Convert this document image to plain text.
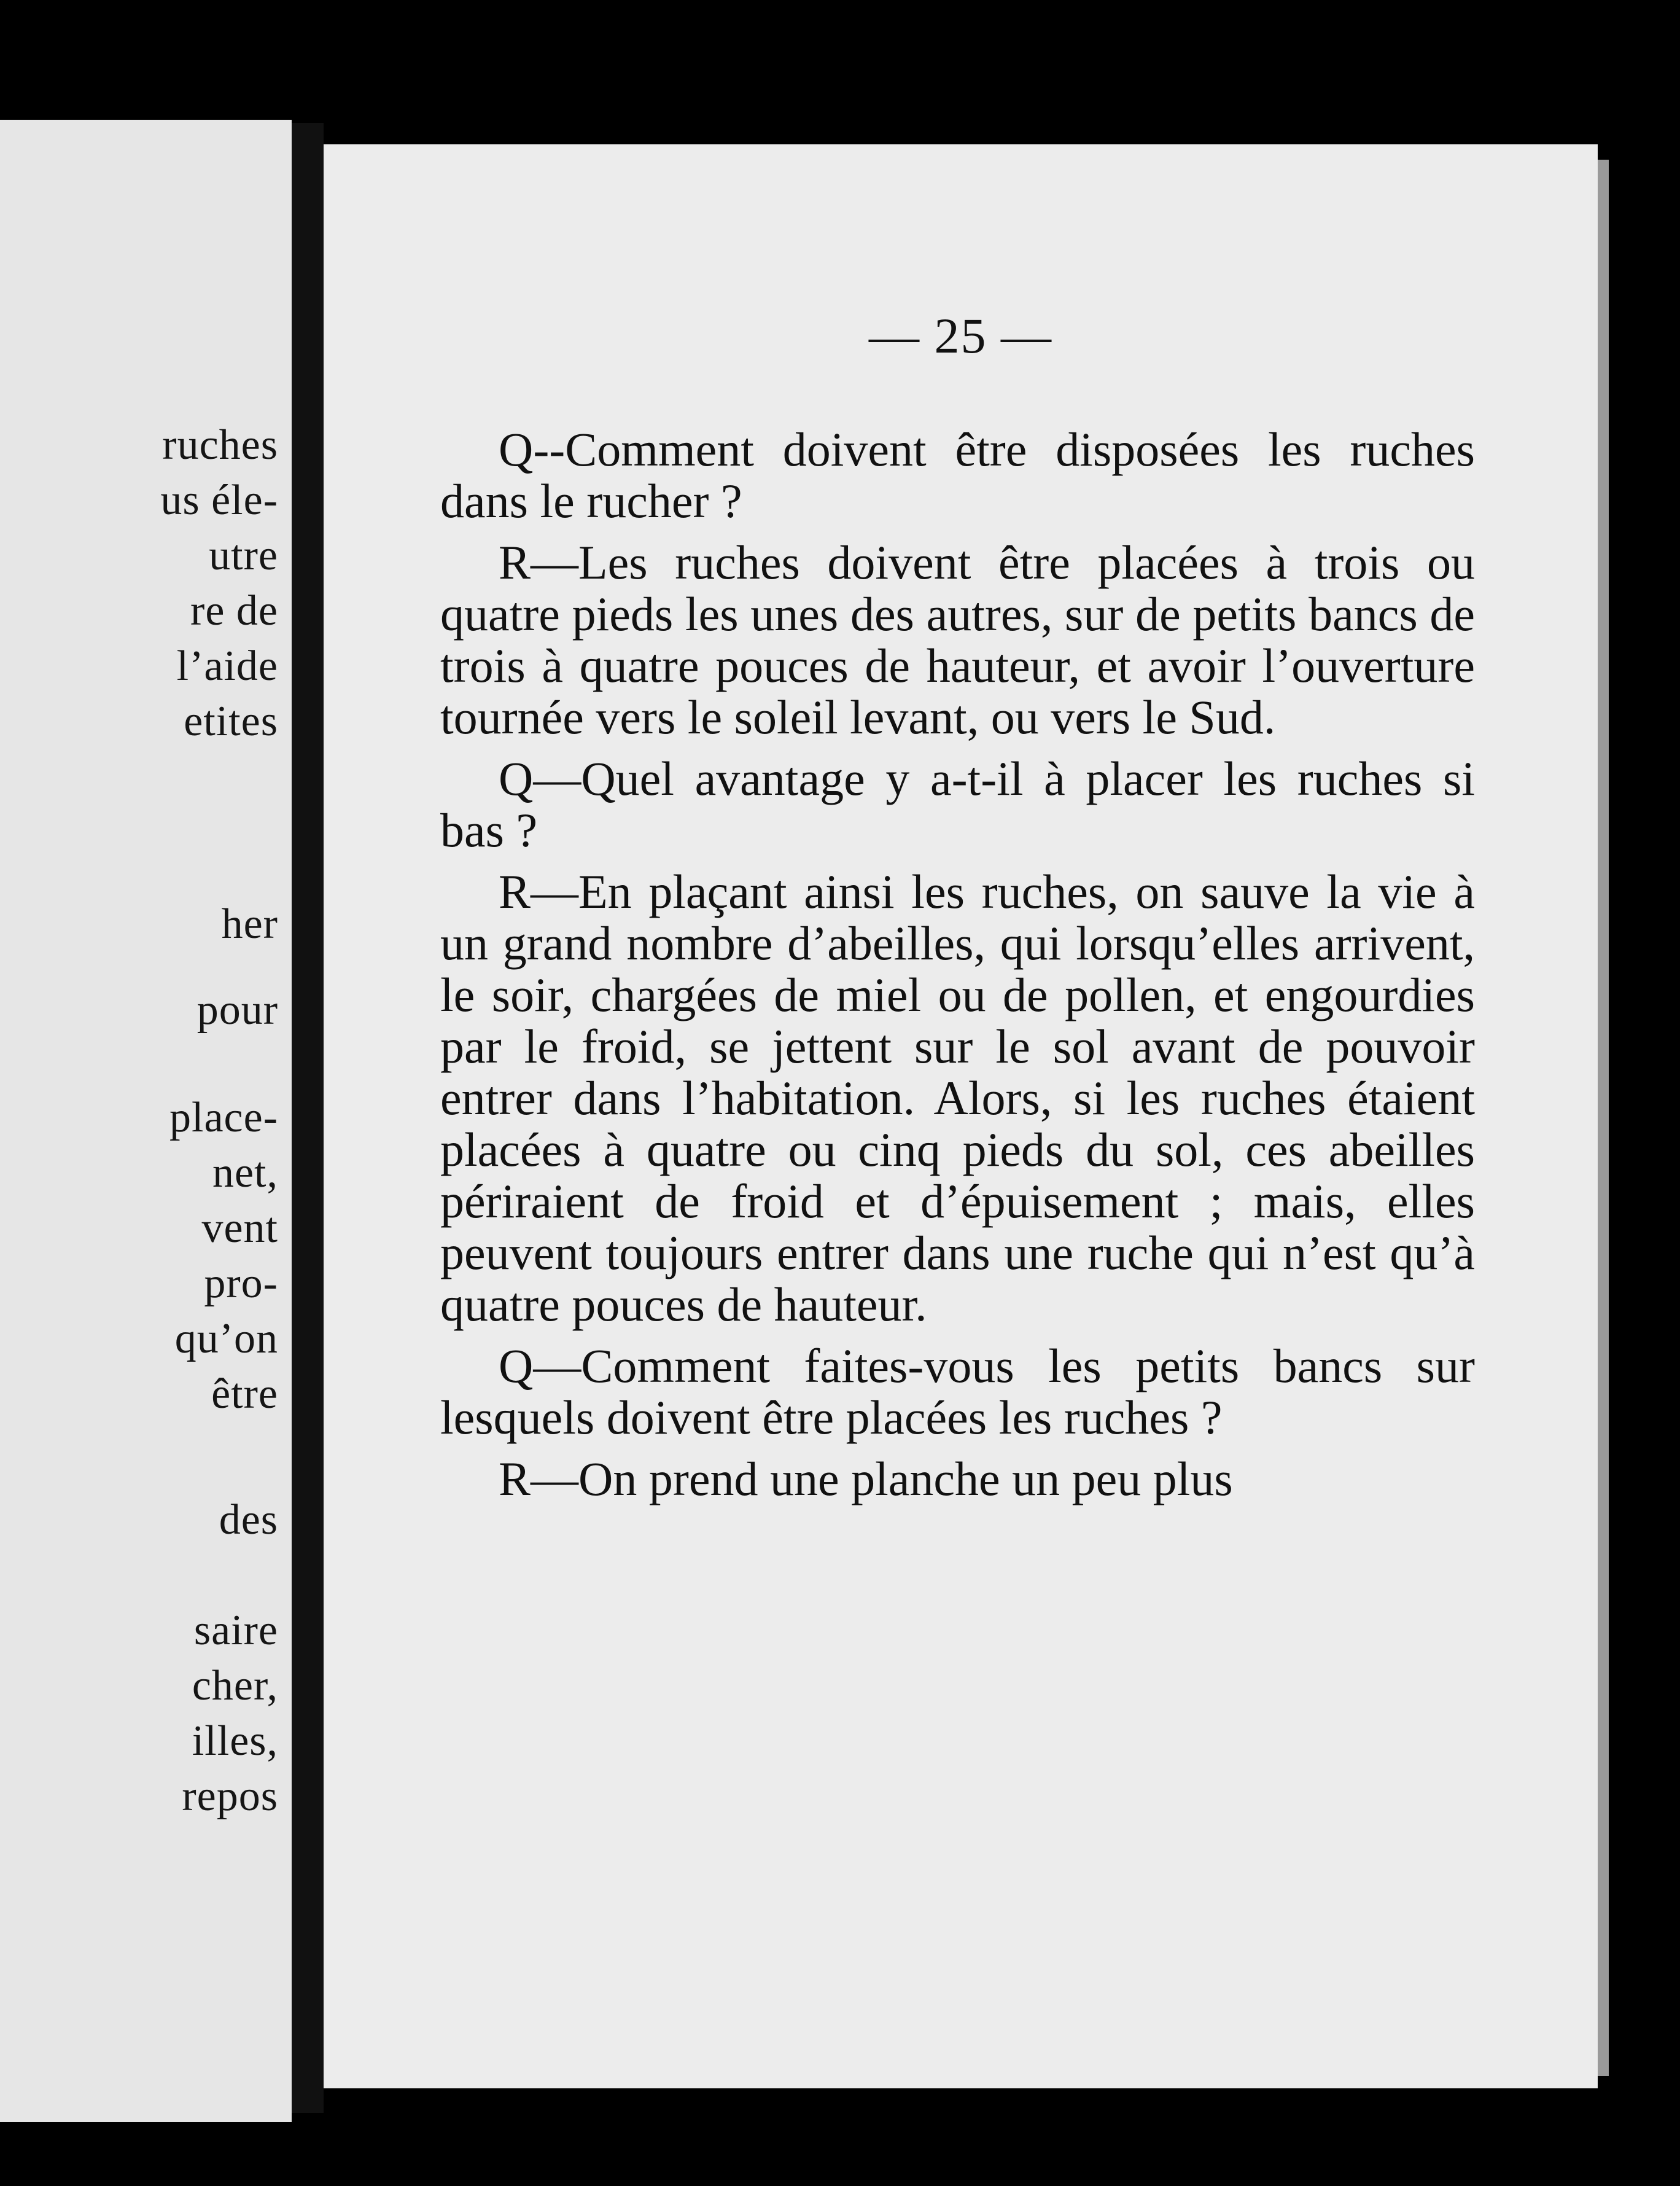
ruches
us éle-
utre
re de
l’aide
etites
her
pour
place-
net,
vent
pro-
qu’on
être
des
saire
cher,
illes,
repos

— 25 —

Q--Comment doivent être disposées les ruches dans le rucher ?

R—Les ruches doivent être placées à trois ou quatre pieds les unes des autres, sur de petits bancs de trois à quatre pouces de hauteur, et avoir l’ouverture tournée vers le soleil levant, ou vers le Sud.

Q—Quel avantage y a-t-il à placer les ruches si bas ?

R—En plaçant ainsi les ruches, on sauve la vie à un grand nombre d’abeilles, qui lorsqu’elles arrivent, le soir, chargées de miel ou de pollen, et engourdies par le froid, se jettent sur le sol avant de pouvoir entrer dans l’habitation. Alors, si les ruches étaient placées à quatre ou cinq pieds du sol, ces abeilles périraient de froid et d’épuisement ; mais, elles peuvent toujours entrer dans une ruche qui n’est qu’à quatre pouces de hauteur.

Q—Comment faites-vous les petits bancs sur lesquels doivent être placées les ruches ?

R—On prend une planche un peu plus
